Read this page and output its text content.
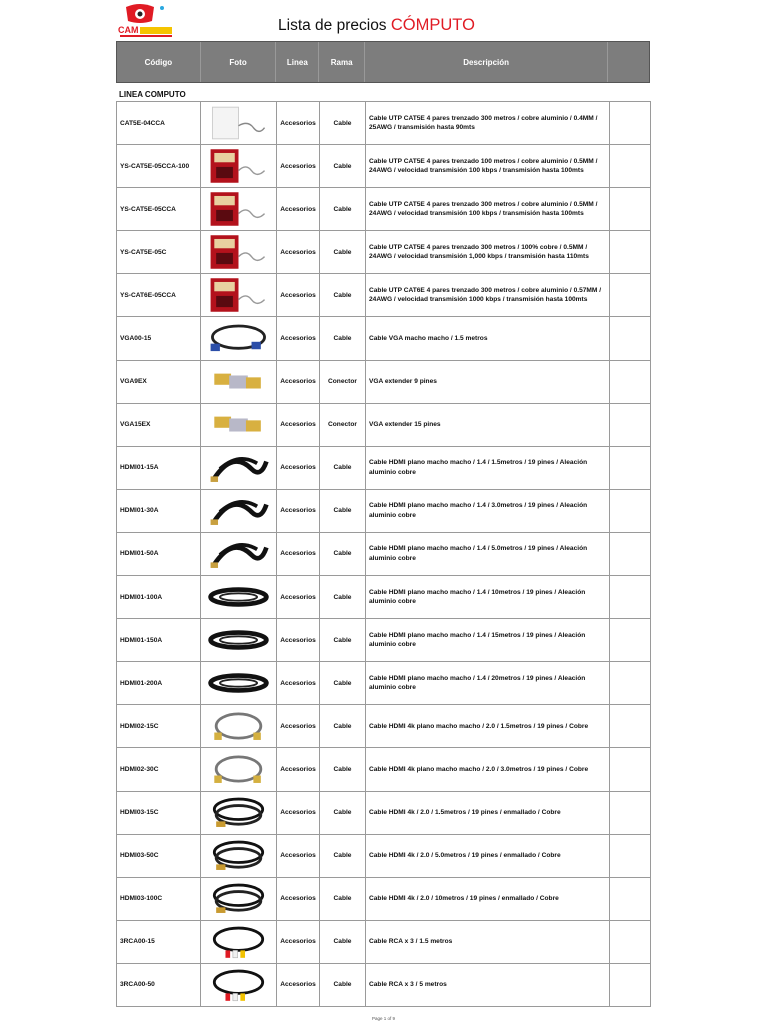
CAM	Lista de precios CÓMPUTO
Código	Foto	Linea	Rama	Descripción
LINEA COMPUTO
CAT5E-04CCA		Accesorios	Cable	Cable UTP CAT5E 4 pares trenzado 300 metros / cobre aluminio / 0.4MM / 25AWG / transmisión hasta 90mts	
YS-CAT5E-05CCA-100		Accesorios	Cable	Cable UTP CAT5E 4 pares trenzado 100 metros / cobre aluminio / 0.5MM / 24AWG / velocidad transmisión 100 kbps / transmisión hasta 100mts	
YS-CAT5E-05CCA		Accesorios	Cable	Cable UTP CAT5E 4 pares trenzado 300 metros / cobre aluminio / 0.5MM / 24AWG / velocidad transmisión 100 kbps / transmisión hasta 100mts	
YS-CAT5E-05C		Accesorios	Cable	Cable UTP CAT5E 4 pares trenzado 300 metros / 100% cobre / 0.5MM / 24AWG / velocidad transmisión 1,000 kbps / transmisión hasta 110mts	
YS-CAT6E-05CCA		Accesorios	Cable	Cable UTP CAT6E 4 pares trenzado 300 metros / cobre aluminio / 0.57MM / 24AWG / velocidad transmisión 1000 kbps / transmisión hasta 100mts	
VGA00-15		Accesorios	Cable	Cable VGA macho macho / 1.5 metros	
VGA9EX		Accesorios	Conector	VGA extender 9 pines	
VGA15EX		Accesorios	Conector	VGA extender 15 pines	
HDMI01-15A		Accesorios	Cable	Cable HDMI plano macho macho / 1.4 / 1.5metros / 19 pines / Aleación aluminio cobre	
HDMI01-30A		Accesorios	Cable	Cable HDMI plano macho macho / 1.4 / 3.0metros / 19 pines / Aleación aluminio cobre	
HDMI01-50A		Accesorios	Cable	Cable HDMI plano macho macho / 1.4 / 5.0metros / 19 pines / Aleación aluminio cobre	
HDMI01-100A		Accesorios	Cable	Cable HDMI plano macho macho / 1.4 / 10metros / 19 pines / Aleación aluminio cobre	
HDMI01-150A		Accesorios	Cable	Cable HDMI plano macho macho / 1.4 / 15metros / 19 pines / Aleación aluminio cobre	
HDMI01-200A		Accesorios	Cable	Cable HDMI plano macho macho / 1.4 / 20metros / 19 pines / Aleación aluminio cobre	
HDMI02-15C		Accesorios	Cable	Cable HDMI 4k plano macho macho / 2.0 / 1.5metros / 19 pines / Cobre	
HDMI02-30C		Accesorios	Cable	Cable HDMI 4k plano macho macho / 2.0 / 3.0metros / 19 pines / Cobre	
HDMI03-15C		Accesorios	Cable	Cable HDMI 4k / 2.0 / 1.5metros / 19 pines / enmallado / Cobre	
HDMI03-50C		Accesorios	Cable	Cable HDMI 4k / 2.0 / 5.0metros / 19 pines / enmallado / Cobre	
HDMI03-100C		Accesorios	Cable	Cable HDMI 4k / 2.0 / 10metros / 19 pines / enmallado / Cobre	
3RCA00-15		Accesorios	Cable	Cable RCA x 3 / 1.5 metros	
3RCA00-50		Accesorios	Cable	Cable RCA x 3 / 5 metros	
Page 1 of 9
